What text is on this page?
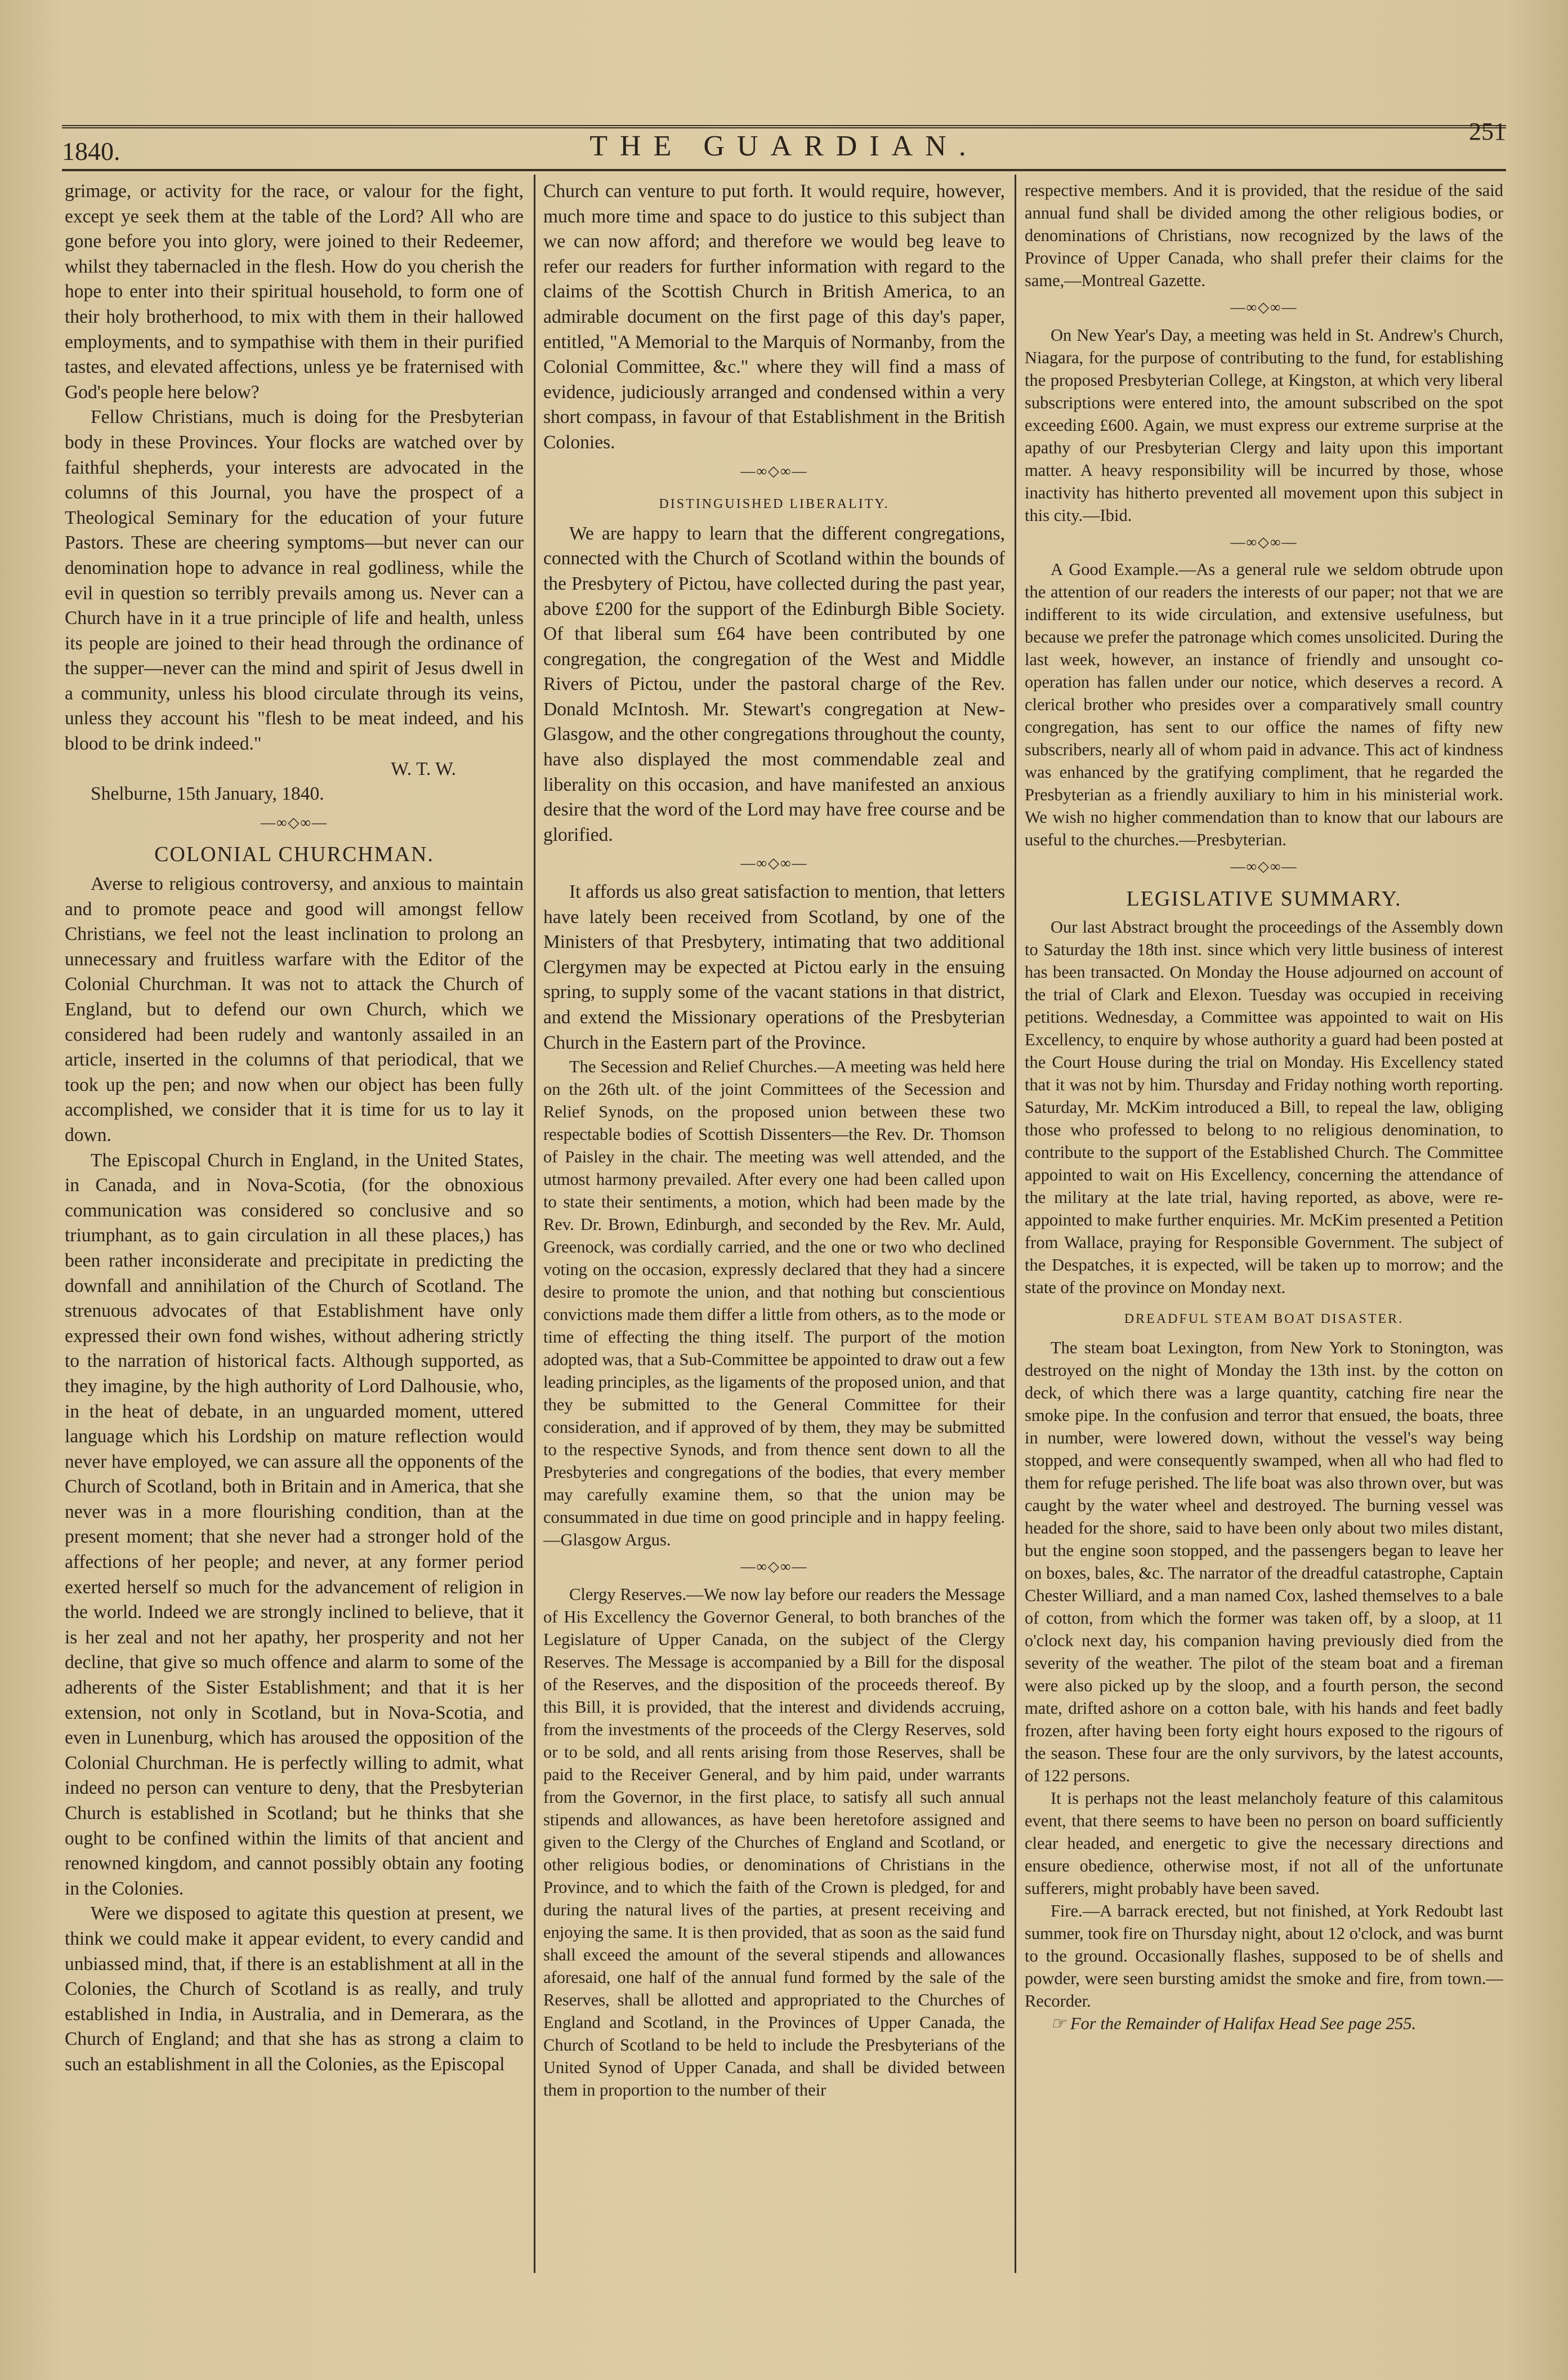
1840.	THE GUARDIAN.	251

grimage, or activity for the race, or valour for the fight, except ye seek them at the table of the Lord? All who are gone before you into glory, were joined to their Redeemer, whilst they tabernacled in the flesh. How do you cherish the hope to enter into their spiritual household, to form one of their holy brotherhood, to mix with them in their hallowed employments, and to sympathise with them in their purified tastes, and elevated affections, unless ye be fraternised with God's people here below?

Fellow Christians, much is doing for the Presbyterian body in these Provinces. Your flocks are watched over by faithful shepherds, your interests are advocated in the columns of this Journal, you have the prospect of a Theological Seminary for the education of your future Pastors. These are cheering symptoms—but never can our denomination hope to advance in real godliness, while the evil in question so terribly prevails among us. Never can a Church have in it a true principle of life and health, unless its people are joined to their head through the ordinance of the supper—never can the mind and spirit of Jesus dwell in a community, unless his blood circulate through its veins, unless they account his "flesh to be meat indeed, and his blood to be drink indeed."

W. T. W.

Shelburne, 15th January, 1840.

—∞◇∞—
COLONIAL CHURCHMAN.

Averse to religious controversy, and anxious to maintain and to promote peace and good will amongst fellow Christians, we feel not the least inclination to prolong an unnecessary and fruitless warfare with the Editor of the Colonial Churchman. It was not to attack the Church of England, but to defend our own Church, which we considered had been rudely and wantonly assailed in an article, inserted in the columns of that periodical, that we took up the pen; and now when our object has been fully accomplished, we consider that it is time for us to lay it down.

The Episcopal Church in England, in the United States, in Canada, and in Nova-Scotia, (for the obnoxious communication was considered so conclusive and so triumphant, as to gain circulation in all these places,) has been rather inconsiderate and precipitate in predicting the downfall and annihilation of the Church of Scotland. The strenuous advocates of that Establishment have only expressed their own fond wishes, without adhering strictly to the narration of historical facts. Although supported, as they imagine, by the high authority of Lord Dalhousie, who, in the heat of debate, in an unguarded moment, uttered language which his Lordship on mature reflection would never have employed, we can assure all the opponents of the Church of Scotland, both in Britain and in America, that she never was in a more flourishing condition, than at the present moment; that she never had a stronger hold of the affections of her people; and never, at any former period exerted herself so much for the advancement of religion in the world. Indeed we are strongly inclined to believe, that it is her zeal and not her apathy, her prosperity and not her decline, that give so much offence and alarm to some of the adherents of the Sister Establishment; and that it is her extension, not only in Scotland, but in Nova-Scotia, and even in Lunenburg, which has aroused the opposition of the Colonial Churchman. He is perfectly willing to admit, what indeed no person can venture to deny, that the Presbyterian Church is established in Scotland; but he thinks that she ought to be confined within the limits of that ancient and renowned kingdom, and cannot possibly obtain any footing in the Colonies.

Were we disposed to agitate this question at present, we think we could make it appear evident, to every candid and unbiassed mind, that, if there is an establishment at all in the Colonies, the Church of Scotland is as really, and truly established in India, in Australia, and in Demerara, as the Church of England; and that she has as strong a claim to such an establishment in all the Colonies, as the Episcopal

Church can venture to put forth. It would require, however, much more time and space to do justice to this subject than we can now afford; and therefore we would beg leave to refer our readers for further information with regard to the claims of the Scottish Church in British America, to an admirable document on the first page of this day's paper, entitled, "A Memorial to the Marquis of Normanby, from the Colonial Committee, &c." where they will find a mass of evidence, judiciously arranged and condensed within a very short compass, in favour of that Establishment in the British Colonies.

—∞◇∞—
DISTINGUISHED LIBERALITY.

We are happy to learn that the different congregations, connected with the Church of Scotland within the bounds of the Presbytery of Pictou, have collected during the past year, above £200 for the support of the Edinburgh Bible Society. Of that liberal sum £64 have been contributed by one congregation, the congregation of the West and Middle Rivers of Pictou, under the pastoral charge of the Rev. Donald McIntosh. Mr. Stewart's congregation at New-Glasgow, and the other congregations throughout the county, have also displayed the most commendable zeal and liberality on this occasion, and have manifested an anxious desire that the word of the Lord may have free course and be glorified.

—∞◇∞—

It affords us also great satisfaction to mention, that letters have lately been received from Scotland, by one of the Ministers of that Presbytery, intimating that two additional Clergymen may be expected at Pictou early in the ensuing spring, to supply some of the vacant stations in that district, and extend the Missionary operations of the Presbyterian Church in the Eastern part of the Province.

The Secession and Relief Churches.—A meeting was held here on the 26th ult. of the joint Committees of the Secession and Relief Synods, on the proposed union between these two respectable bodies of Scottish Dissenters—the Rev. Dr. Thomson of Paisley in the chair. The meeting was well attended, and the utmost harmony prevailed. After every one had been called upon to state their sentiments, a motion, which had been made by the Rev. Dr. Brown, Edinburgh, and seconded by the Rev. Mr. Auld, Greenock, was cordially carried, and the one or two who declined voting on the occasion, expressly declared that they had a sincere desire to promote the union, and that nothing but conscientious convictions made them differ a little from others, as to the mode or time of effecting the thing itself. The purport of the motion adopted was, that a Sub-Committee be appointed to draw out a few leading principles, as the ligaments of the proposed union, and that they be submitted to the General Committee for their consideration, and if approved of by them, they may be submitted to the respective Synods, and from thence sent down to all the Presbyteries and congregations of the bodies, that every member may carefully examine them, so that the union may be consummated in due time on good principle and in happy feeling.—Glasgow Argus.

—∞◇∞—

Clergy Reserves.—We now lay before our readers the Message of His Excellency the Governor General, to both branches of the Legislature of Upper Canada, on the subject of the Clergy Reserves. The Message is accompanied by a Bill for the disposal of the Reserves, and the disposition of the proceeds thereof. By this Bill, it is provided, that the interest and dividends accruing, from the investments of the proceeds of the Clergy Reserves, sold or to be sold, and all rents arising from those Reserves, shall be paid to the Receiver General, and by him paid, under warrants from the Governor, in the first place, to satisfy all such annual stipends and allowances, as have been heretofore assigned and given to the Clergy of the Churches of England and Scotland, or other religious bodies, or denominations of Christians in the Province, and to which the faith of the Crown is pledged, for and during the natural lives of the parties, at present receiving and enjoying the same. It is then provided, that as soon as the said fund shall exceed the amount of the several stipends and allowances aforesaid, one half of the annual fund formed by the sale of the Reserves, shall be allotted and appropriated to the Churches of England and Scotland, in the Provinces of Upper Canada, the Church of Scotland to be held to include the Presbyterians of the United Synod of Upper Canada, and shall be divided between them in proportion to the number of their

respective members. And it is provided, that the residue of the said annual fund shall be divided among the other religious bodies, or denominations of Christians, now recognized by the laws of the Province of Upper Canada, who shall prefer their claims for the same,—Montreal Gazette.

—∞◇∞—

On New Year's Day, a meeting was held in St. Andrew's Church, Niagara, for the purpose of contributing to the fund, for establishing the proposed Presbyterian College, at Kingston, at which very liberal subscriptions were entered into, the amount subscribed on the spot exceeding £600. Again, we must express our extreme surprise at the apathy of our Presbyterian Clergy and laity upon this important matter. A heavy responsibility will be incurred by those, whose inactivity has hitherto prevented all movement upon this subject in this city.—Ibid.

—∞◇∞—

A Good Example.—As a general rule we seldom obtrude upon the attention of our readers the interests of our paper; not that we are indifferent to its wide circulation, and extensive usefulness, but because we prefer the patronage which comes unsolicited. During the last week, however, an instance of friendly and unsought co-operation has fallen under our notice, which deserves a record. A clerical brother who presides over a comparatively small country congregation, has sent to our office the names of fifty new subscribers, nearly all of whom paid in advance. This act of kindness was enhanced by the gratifying compliment, that he regarded the Presbyterian as a friendly auxiliary to him in his ministerial work. We wish no higher commendation than to know that our labours are useful to the churches.—Presbyterian.

—∞◇∞—
LEGISLATIVE SUMMARY.

Our last Abstract brought the proceedings of the Assembly down to Saturday the 18th inst. since which very little business of interest has been transacted. On Monday the House adjourned on account of the trial of Clark and Elexon. Tuesday was occupied in receiving petitions. Wednesday, a Committee was appointed to wait on His Excellency, to enquire by whose authority a guard had been posted at the Court House during the trial on Monday. His Excellency stated that it was not by him. Thursday and Friday nothing worth reporting. Saturday, Mr. McKim introduced a Bill, to repeal the law, obliging those who professed to belong to no religious denomination, to contribute to the support of the Established Church. The Committee appointed to wait on His Excellency, concerning the attendance of the military at the late trial, having reported, as above, were re-appointed to make further enquiries. Mr. McKim presented a Petition from Wallace, praying for Responsible Government. The subject of the Despatches, it is expected, will be taken up to morrow; and the state of the province on Monday next.

DREADFUL STEAM BOAT DISASTER.

The steam boat Lexington, from New York to Stonington, was destroyed on the night of Monday the 13th inst. by the cotton on deck, of which there was a large quantity, catching fire near the smoke pipe. In the confusion and terror that ensued, the boats, three in number, were lowered down, without the vessel's way being stopped, and were consequently swamped, when all who had fled to them for refuge perished. The life boat was also thrown over, but was caught by the water wheel and destroyed. The burning vessel was headed for the shore, said to have been only about two miles distant, but the engine soon stopped, and the passengers began to leave her on boxes, bales, &c. The narrator of the dreadful catastrophe, Captain Chester Williard, and a man named Cox, lashed themselves to a bale of cotton, from which the former was taken off, by a sloop, at 11 o'clock next day, his companion having previously died from the severity of the weather. The pilot of the steam boat and a fireman were also picked up by the sloop, and a fourth person, the second mate, drifted ashore on a cotton bale, with his hands and feet badly frozen, after having been forty eight hours exposed to the rigours of the season. These four are the only survivors, by the latest accounts, of 122 persons.

It is perhaps not the least melancholy feature of this calamitous event, that there seems to have been no person on board sufficiently clear headed, and energetic to give the necessary directions and ensure obedience, otherwise most, if not all of the unfortunate sufferers, might probably have been saved.

Fire.—A barrack erected, but not finished, at York Redoubt last summer, took fire on Thursday night, about 12 o'clock, and was burnt to the ground. Occasionally flashes, supposed to be of shells and powder, were seen bursting amidst the smoke and fire, from town.—Recorder.

☞ For the Remainder of Halifax Head See page 255.
